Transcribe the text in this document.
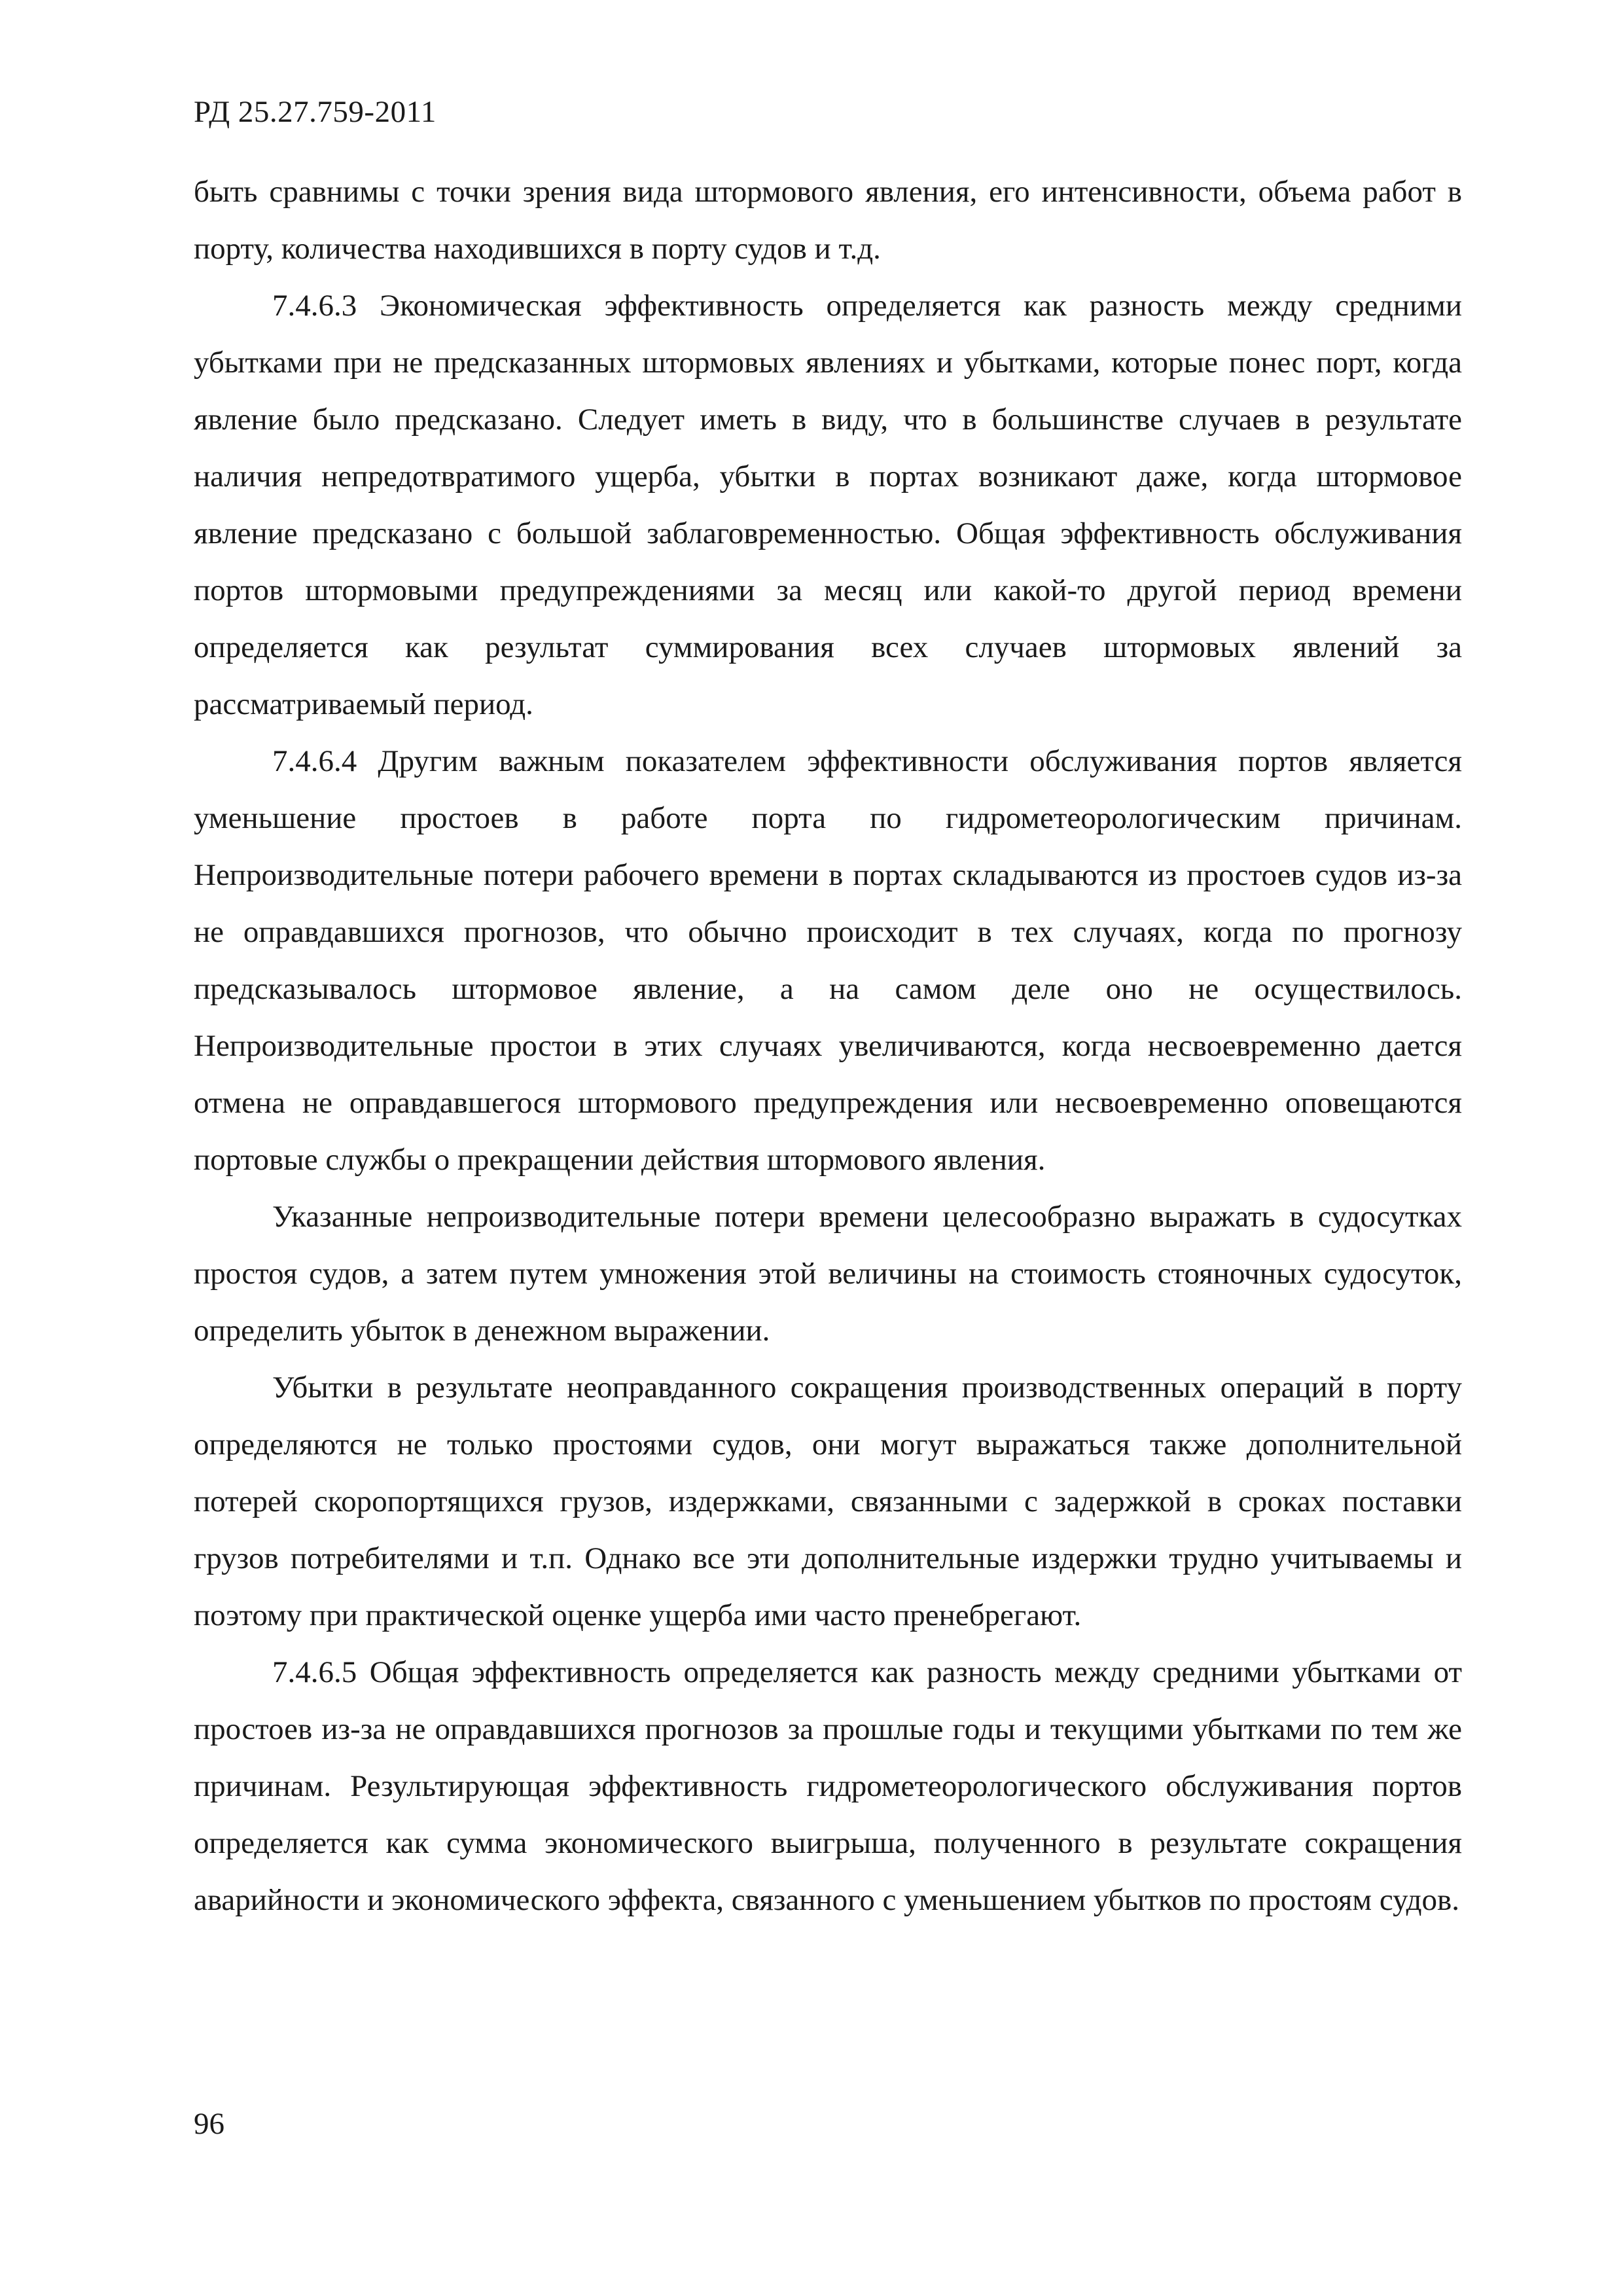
РД 25.27.759-2011

быть сравнимы с точки зрения вида штормового явления, его интенсивности, объема работ в порту, количества находившихся в порту судов и т.д.

7.4.6.3 Экономическая эффективность определяется как разность между средними убытками при не предсказанных штормовых явлениях и убытками, которые понес порт, когда явление было предсказано. Следует иметь в виду, что в большинстве случаев в результате наличия непредотвратимого ущерба, убытки в портах возникают даже, когда штормовое явление предсказано с большой заблаговременностью. Общая эффективность обслуживания портов штормовыми предупреждениями за месяц или какой-то другой период времени определяется как результат суммирования всех случаев штормовых явлений за рассматриваемый период.

7.4.6.4 Другим важным показателем эффективности обслуживания портов является уменьшение простоев в работе порта по гидрометеорологическим причинам. Непроизводительные потери рабочего времени в портах складываются из простоев судов из-за не оправдавшихся прогнозов, что обычно происходит в тех случаях, когда по прогнозу предсказывалось штормовое явление, а на самом деле оно не осуществилось. Непроизводительные простои в этих случаях увеличиваются, когда несвоевременно дается отмена не оправдавшегося штормового предупреждения или несвоевременно оповещаются портовые службы о прекращении действия штормового явления.

Указанные непроизводительные потери времени целесообразно выражать в судосутках простоя судов, а затем путем умножения этой величины на стоимость стояночных судосуток, определить убыток в денежном выражении.

Убытки в результате неоправданного сокращения производственных операций в порту определяются не только простоями судов, они могут выражаться также дополнительной потерей скоропортящихся грузов, издержками, связанными с задержкой в сроках поставки грузов потребителями и т.п. Однако все эти дополнительные издержки трудно учитываемы и поэтому при практической оценке ущерба ими часто пренебрегают.

7.4.6.5 Общая эффективность определяется как разность между средними убытками от простоев из-за не оправдавшихся прогнозов за прошлые годы и текущими убытками по тем же причинам. Результирующая эффективность гидрометеорологического обслуживания портов определяется как сумма экономического выигрыша, полученного в результате сокращения аварийности и экономического эффекта, связанного с уменьшением убытков по простоям судов.

96
